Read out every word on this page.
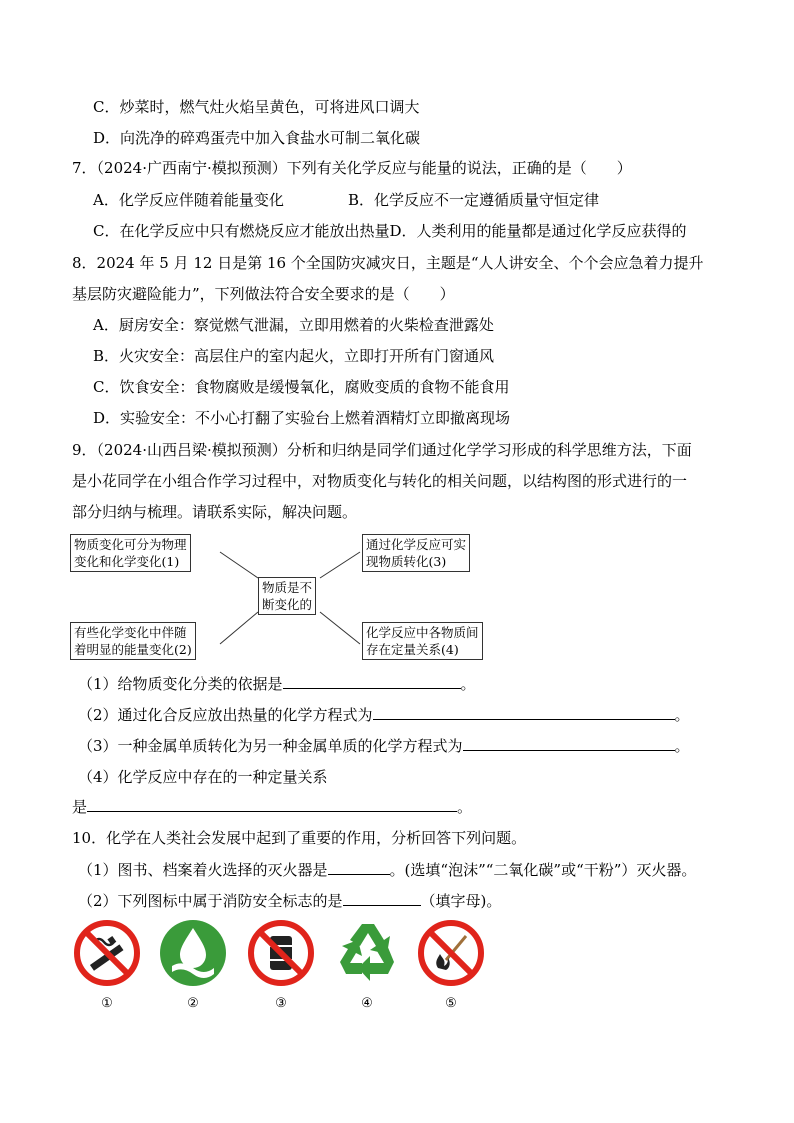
C．炒菜时，燃气灶火焰呈黄色，可将进风口调大
D．向洗净的碎鸡蛋壳中加入食盐水可制二氧化碳
7．（2024·广西南宁·模拟预测）下列有关化学反应与能量的说法，正确的是（　　）
A．化学反应伴随着能量变化	B．化学反应不一定遵循质量守恒定律
C．在化学反应中只有燃烧反应才能放出热量D．人类利用的能量都是通过化学反应获得的
8．2024 年 5 月 12 日是第 16 个全国防灾减灾日，主题是“人人讲安全、个个会应急着力提升
基层防灾避险能力”，下列做法符合安全要求的是（　　）
A．厨房安全：察觉燃气泄漏，立即用燃着的火柴检查泄露处
B．火灾安全：高层住户的室内起火，立即打开所有门窗通风
C．饮食安全：食物腐败是缓慢氧化，腐败变质的食物不能食用
D．实验安全：不小心打翻了实验台上燃着酒精灯立即撤离现场
9．（2024·山西吕梁·模拟预测）分析和归纳是同学们通过化学学习形成的科学思维方法，下面
是小花同学在小组合作学习过程中，对物质变化与转化的相关问题，以结构图的形式进行的一
部分归纳与梳理。请联系实际，解决问题。
物质变化可分为物理
变化和化学变化(1)
通过化学反应可实
现物质转化(3)
物质是不
断变化的
有些化学变化中伴随
着明显的能量变化(2)
化学反应中各物质间
存在定量关系(4)
（1）给物质变化分类的依据是	。
（2）通过化合反应放出热量的化学方程式为	。
（3）一种金属单质转化为另一种金属单质的化学方程式为	。
（4）化学反应中存在的一种定量关系
是	。
10．化学在人类社会发展中起到了重要的作用，分析回答下列问题。
（1）图书、档案着火选择的灭火器是	。(选填“泡沫”“二氧化碳”或“干粉”）灭火器。
（2）下列图标中属于消防安全标志的是	（填字母)。
①	②	③	④	⑤
